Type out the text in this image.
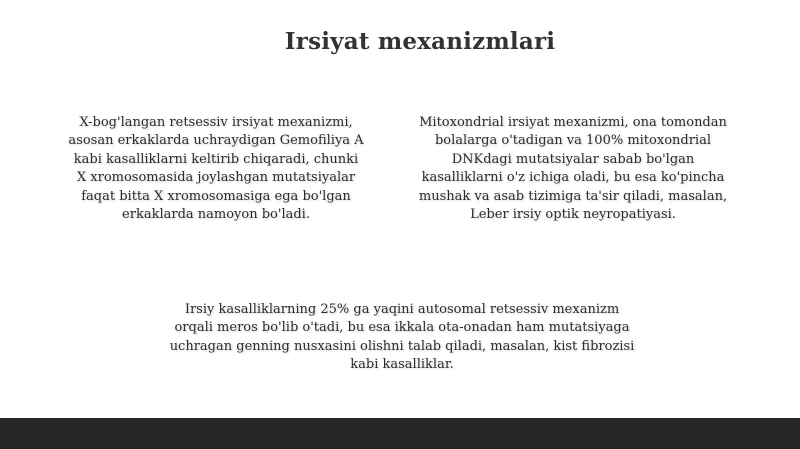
Irsiyat mexanizmlari
X-bog'langan retsessiv irsiyat mexanizmi,
asosan erkaklarda uchraydigan Gemofiliya A
kabi kasalliklarni keltirib chiqaradi, chunki
X xromosomasida joylashgan mutatsiyalar
faqat bitta X xromosomasiga ega bo'lgan
erkaklarda namoyon bo'ladi.
Mitoxondrial irsiyat mexanizmi, ona tomondan
bolalarga o'tadigan va 100% mitoxondrial
DNKdagi mutatsiyalar sabab bo'lgan
kasalliklarni o'z ichiga oladi, bu esa ko'pincha
mushak va asab tizimiga ta'sir qiladi, masalan,
Leber irsiy optik neyropatiyasi.
Irsiy kasalliklarning 25% ga yaqini autosomal retsessiv mexanizm
orqali meros bo'lib o'tadi, bu esa ikkala ota-onadan ham mutatsiyaga
uchragan genning nusxasini olishni talab qiladi, masalan, kist fibrozisi
kabi kasalliklar.
